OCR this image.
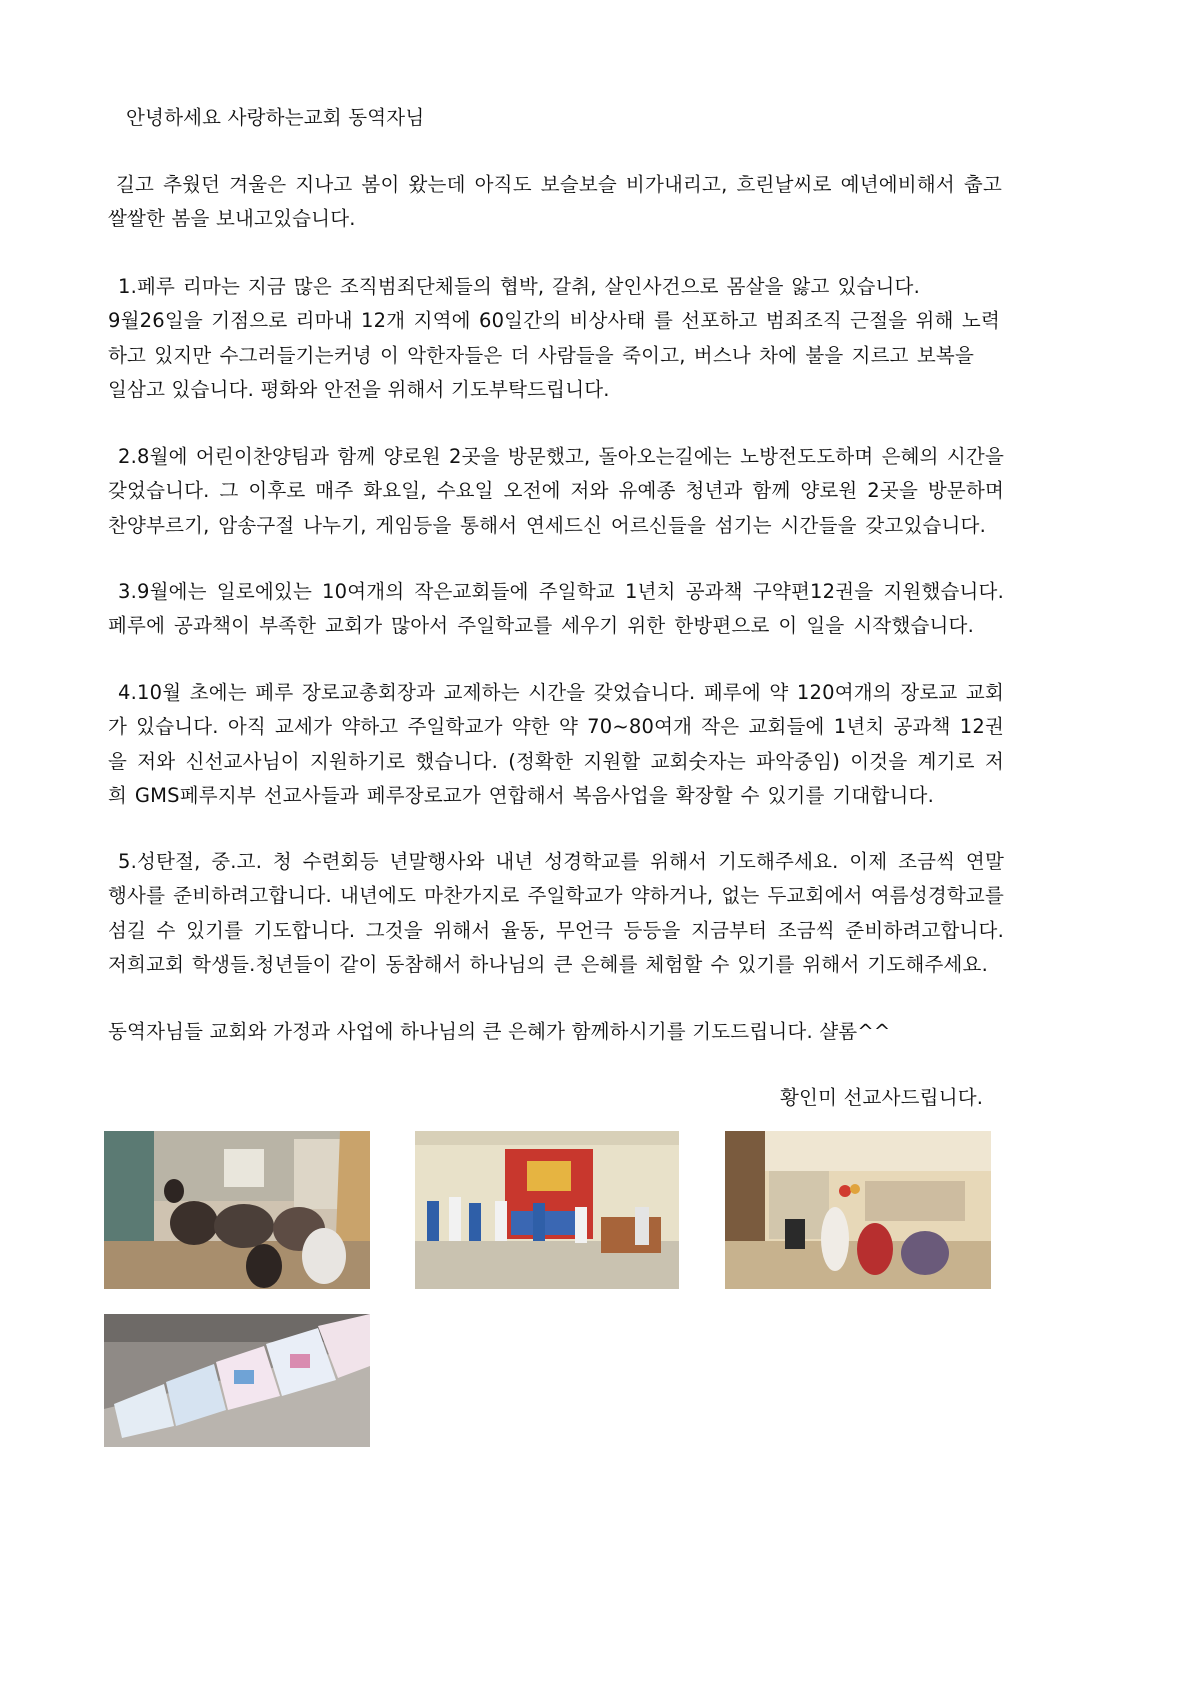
안녕하세요 사랑하는교회 동역자님
길고 추웠던 겨울은 지나고 봄이 왔는데 아직도 보슬보슬 비가내리고, 흐린날씨로 예년에비해서 춥고
쌀쌀한 봄을 보내고있습니다.
1.페루 리마는 지금 많은 조직범죄단체들의 협박, 갈취, 살인사건으로 몸살을 앓고 있습니다.
9월26일을 기점으로 리마내 12개 지역에 60일간의 비상사태 를 선포하고 범죄조직 근절을 위해 노력
하고 있지만 수그러들기는커녕 이 악한자들은 더 사람들을 죽이고, 버스나 차에 불을 지르고 보복을
일삼고 있습니다. 평화와 안전을 위해서 기도부탁드립니다.
2.8월에 어린이찬양팀과 함께 양로원 2곳을 방문했고, 돌아오는길에는 노방전도도하며 은혜의 시간을
갖었습니다. 그 이후로 매주 화요일, 수요일 오전에 저와 유예종 청년과 함께 양로원 2곳을 방문하며
찬양부르기, 암송구절 나누기, 게임등을 통해서 연세드신 어르신들을 섬기는 시간들을 갖고있습니다.
3.9월에는 일로에있는 10여개의 작은교회들에 주일학교 1년치 공과책 구약편12권을 지원했습니다.
페루에 공과책이 부족한 교회가 많아서 주일학교를 세우기 위한 한방편으로 이 일을 시작했습니다.
4.10월 초에는 페루 장로교총회장과 교제하는 시간을 갖었습니다. 페루에 약 120여개의 장로교 교회
가 있습니다. 아직 교세가 약하고 주일학교가 약한 약 70~80여개 작은 교회들에 1년치 공과책 12권
을 저와 신선교사님이 지원하기로 했습니다. (정확한 지원할 교회숫자는 파악중임) 이것을 계기로 저
희 GMS페루지부 선교사들과 페루장로교가 연합해서 복음사업을 확장할 수 있기를 기대합니다.
5.성탄절, 중.고. 청 수련회등 년말행사와 내년 성경학교를 위해서 기도해주세요. 이제 조금씩 연말
행사를 준비하려고합니다. 내년에도 마찬가지로 주일학교가 약하거나, 없는 두교회에서 여름성경학교를
섬길 수 있기를 기도합니다. 그것을 위해서 율동, 무언극 등등을 지금부터 조금씩 준비하려고합니다.
저희교회 학생들.청년들이 같이 동참해서 하나님의 큰 은혜를 체험할 수 있기를 위해서 기도해주세요.
동역자님들 교회와 가정과 사업에 하나님의 큰 은혜가 함께하시기를 기도드립니다. 샬롬^^
황인미 선교사드립니다.
